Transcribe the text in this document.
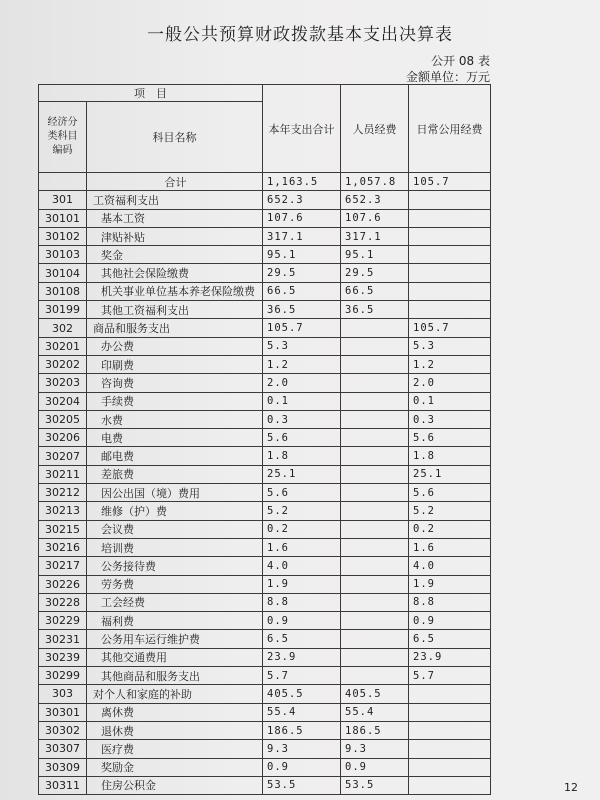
一般公共预算财政拨款基本支出决算表
公开 08 表
金额单位：万元
项　目		本年支出合计	人员经费	日常公用经费
经济分类科目编码	科目名称			
	合计	1,163.5	1,057.8	105.7
301	工资福利支出	652.3	652.3	
30101	基本工资	107.6	107.6	
30102	津贴补贴	317.1	317.1	
30103	奖金	95.1	95.1	
30104	其他社会保险缴费	29.5	29.5	
30108	机关事业单位基本养老保险缴费	66.5	66.5	
30199	其他工资福利支出	36.5	36.5	
302	商品和服务支出	105.7		105.7
30201	办公费	5.3		5.3
30202	印刷费	1.2		1.2
30203	咨询费	2.0		2.0
30204	手续费	0.1		0.1
30205	水费	0.3		0.3
30206	电费	5.6		5.6
30207	邮电费	1.8		1.8
30211	差旅费	25.1		25.1
30212	因公出国（境）费用	5.6		5.6
30213	维修（护）费	5.2		5.2
30215	会议费	0.2		0.2
30216	培训费	1.6		1.6
30217	公务接待费	4.0		4.0
30226	劳务费	1.9		1.9
30228	工会经费	8.8		8.8
30229	福利费	0.9		0.9
30231	公务用车运行维护费	6.5		6.5
30239	其他交通费用	23.9		23.9
30299	其他商品和服务支出	5.7		5.7
303	对个人和家庭的补助	405.5	405.5	
30301	离休费	55.4	55.4	
30302	退休费	186.5	186.5	
30307	医疗费	9.3	9.3	
30309	奖励金	0.9	0.9	
30311	住房公积金	53.5	53.5		12
